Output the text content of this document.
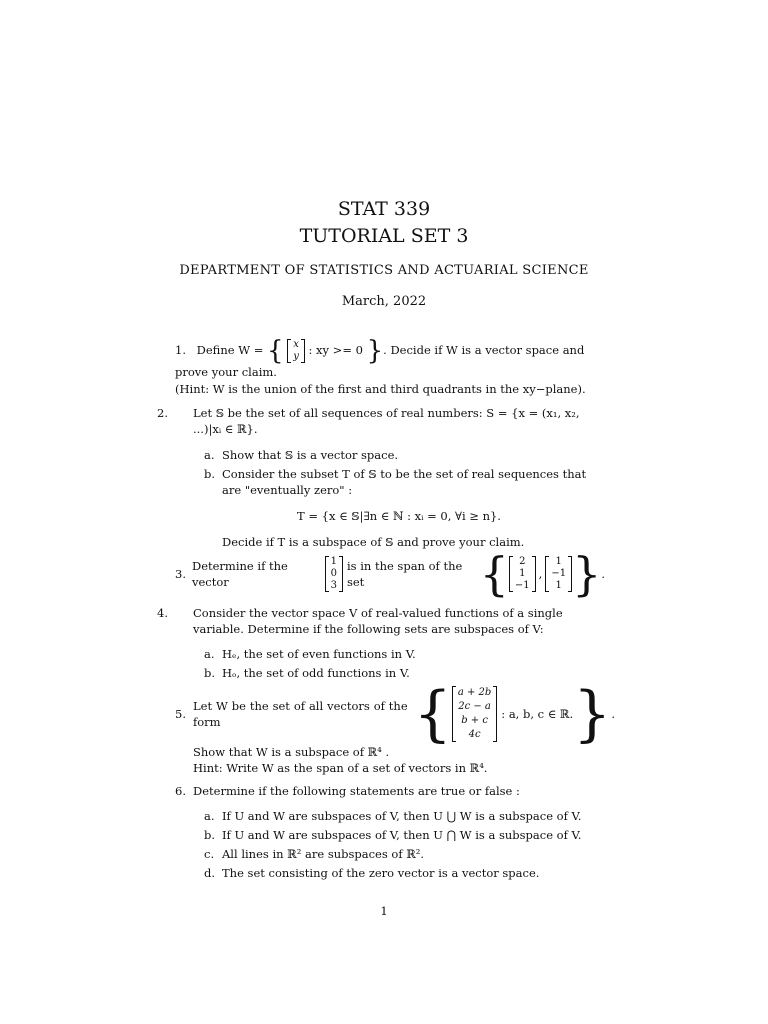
STAT 339
TUTORIAL SET 3
DEPARTMENT OF STATISTICS AND ACTUARIAL SCIENCE
March, 2022
1. Define W = { x
y : xy >= 0 }. Decide if W is a vector space and prove your claim.
(Hint: W is the union of the first and third quadrants in the xy−plane).
2. Let 𝕊 be the set of all sequences of real numbers: S = {x = (x₁, x₂, ...)|xᵢ ∈ ℝ}.
a. Show that 𝕊 is a vector space.
b. Consider the subset T of 𝕊 to be the set of real sequences that are "eventually zero" :
T = {x ∈ 𝕊|∃n ∈ ℕ : xᵢ = 0, ∀i ≥ n}.
Decide if T is a subspace of 𝕊 and prove your claim.
3.
Determine if the vector
1
0
3
is in the span of the set	{ 2
1
−1
,
1
−1
1 } .
4. Consider the vector space V of real-valued functions of a single variable. Determine if the following sets are subspaces of V:
a. Hₑ, the set of even functions in V.
b. Hₒ, the set of odd functions in V.
5.
Let W be the set of all vectors of the form	{ a + 2b
2c − a
b + c
4c
: a, b, c ∈ ℝ. } .
Show that W is a subspace of ℝ⁴ .
Hint: Write W as the span of a set of vectors in ℝ⁴.
6. Determine if the following statements are true or false :
a. If U and W are subspaces of V, then U ⋃ W is a subspace of V.
b. If U and W are subspaces of V, then U ⋂ W is a subspace of V.
c. All lines in ℝ² are subspaces of ℝ².
d. The set consisting of the zero vector is a vector space.
1
